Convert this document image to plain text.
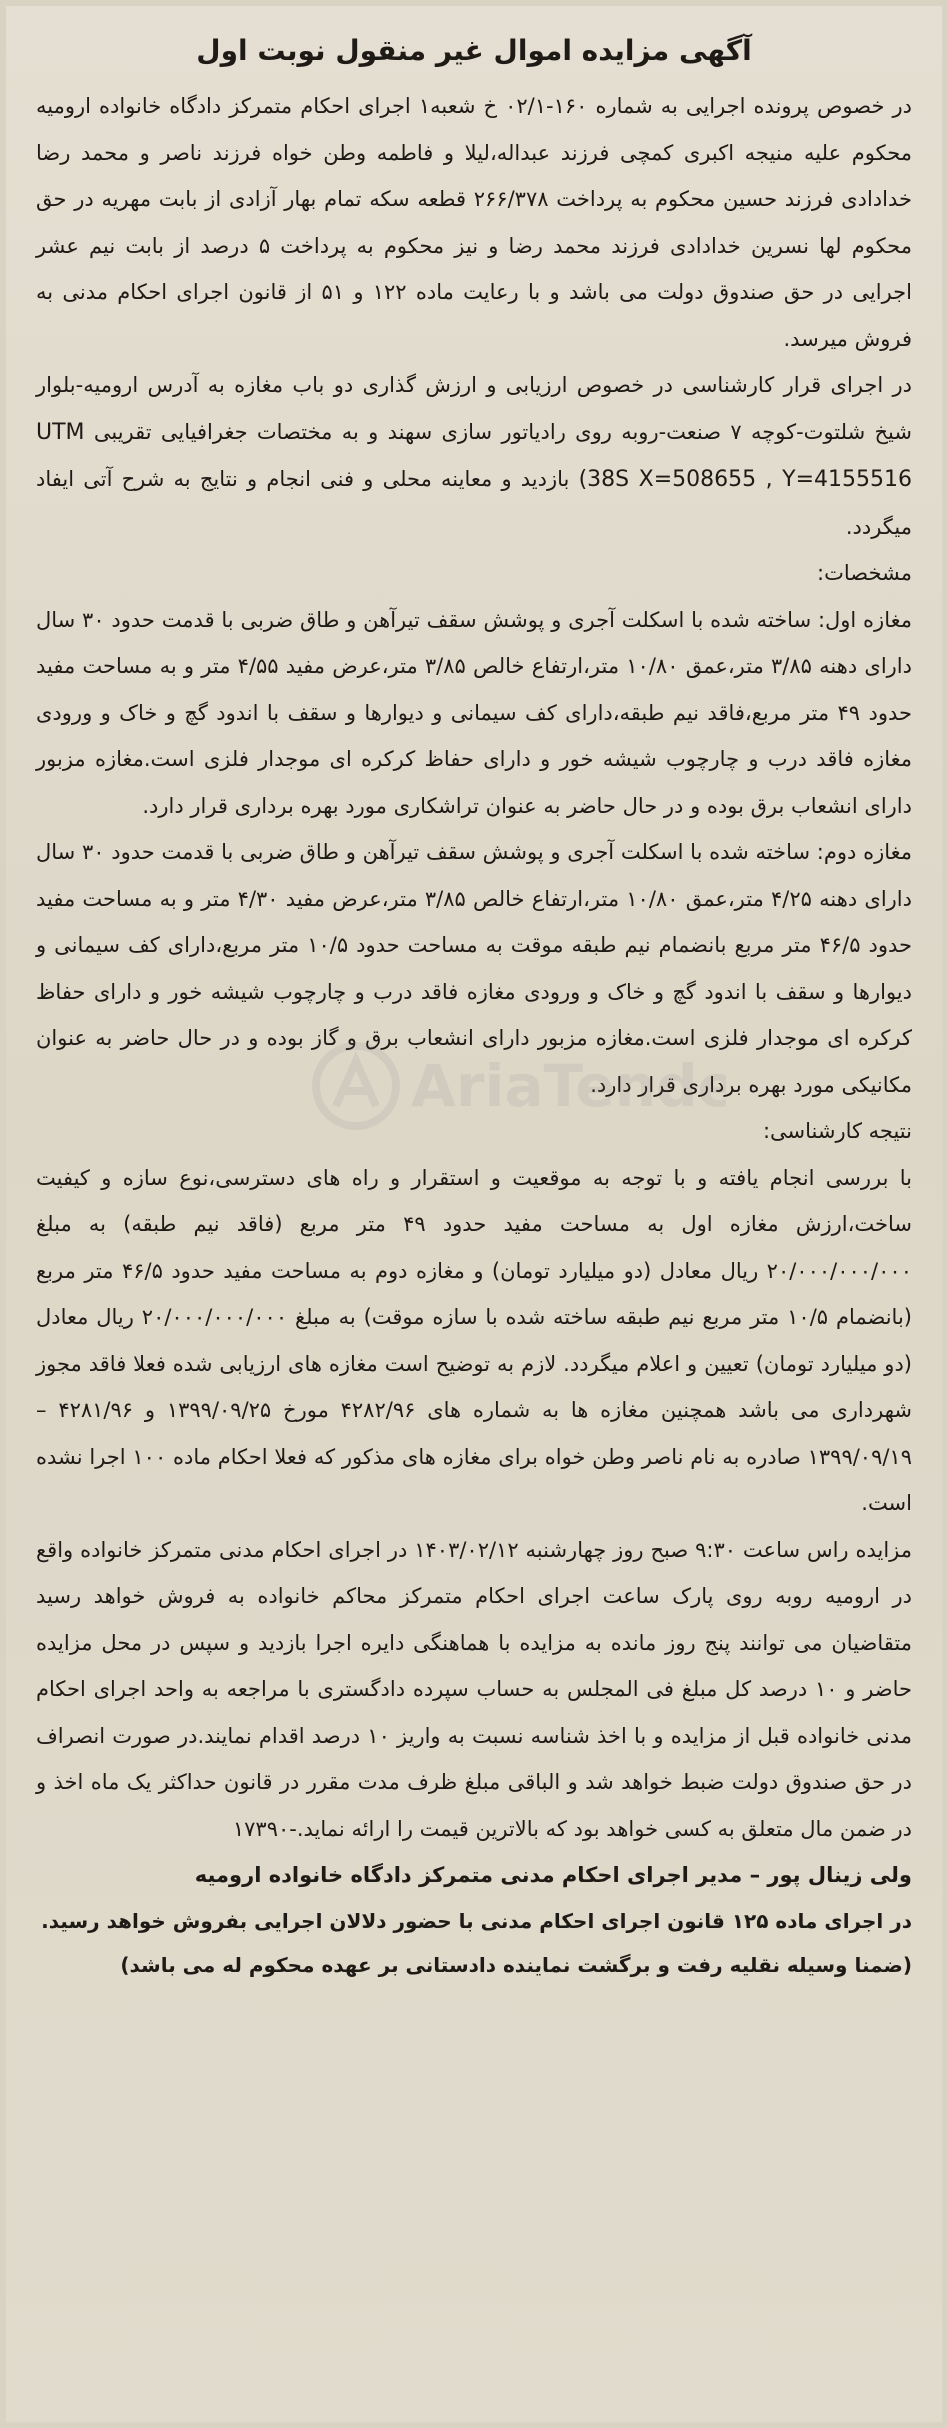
AriaTende
آگهی مزایده اموال غیر منقول نوبت اول

در خصوص پرونده اجرایی به شماره ۱۶۰-۰۲/۱ خ شعبه۱ اجرای احکام متمرکز دادگاه خانواده ارومیه محکوم علیه منیجه اکبری کمچی فرزند عبداله،لیلا و فاطمه وطن خواه فرزند ناصر و محمد رضا خدادادی فرزند حسین محکوم به پرداخت ۲۶۶/۳۷۸ قطعه سکه تمام بهار آزادی از بابت مهریه در حق محکوم لها نسرین خدادادی فرزند محمد رضا و نیز محکوم به پرداخت ۵ درصد از بابت نیم عشر اجرایی در حق صندوق دولت می باشد و با رعایت ماده ۱۲۲ و ۵۱ از قانون اجرای احکام مدنی به فروش میرسد.

در اجرای قرار کارشناسی در خصوص ارزیابی و ارزش گذاری دو باب مغازه به آدرس ارومیه-بلوار شیخ شلتوت-کوچه ۷ صنعت-روبه روی رادیاتور سازی سهند و به مختصات جغرافیایی تقریبی UTM (38S X=508655 , Y=4155516 بازدید و معاینه محلی و فنی انجام و نتایج به شرح آتی ایفاد میگردد.

مشخصات:

مغازه اول: ساخته شده با اسکلت آجری و پوشش سقف تیرآهن و طاق ضربی با قدمت حدود ۳۰ سال دارای دهنه ۳/۸۵ متر،عمق ۱۰/۸۰ متر،ارتفاع خالص ۳/۸۵ متر،عرض مفید ۴/۵۵ متر و به مساحت مفید حدود ۴۹ متر مربع،فاقد نیم طبقه،دارای کف سیمانی و دیوارها و سقف با اندود گچ و خاک و ورودی مغازه فاقد درب و چارچوب شیشه خور و دارای حفاظ کرکره ای موجدار فلزی است.مغازه مزبور دارای انشعاب برق بوده و در حال حاضر به عنوان تراشکاری مورد بهره برداری قرار دارد.

مغازه دوم: ساخته شده با اسکلت آجری و پوشش سقف تیرآهن و طاق ضربی با قدمت حدود ۳۰ سال دارای دهنه ۴/۲۵ متر،عمق ۱۰/۸۰ متر،ارتفاع خالص ۳/۸۵ متر،عرض مفید ۴/۳۰ متر و به مساحت مفید حدود ۴۶/۵ متر مربع بانضمام نیم طبقه موقت به مساحت حدود ۱۰/۵ متر مربع،دارای کف سیمانی و دیوارها و سقف با اندود گچ و خاک و ورودی مغازه فاقد درب و چارچوب شیشه خور و دارای حفاظ کرکره ای موجدار فلزی است.مغازه مزبور دارای انشعاب برق و گاز بوده و در حال حاضر به عنوان مکانیکی مورد بهره برداری قرار دارد.

نتیجه کارشناسی:

با بررسی انجام یافته و با توجه به موقعیت و استقرار و راه های دسترسی،نوع سازه و کیفیت ساخت،ارزش مغازه اول به مساحت مفید حدود ۴۹ متر مربع (فاقد نیم طبقه) به مبلغ ۲۰/۰۰۰/۰۰۰/۰۰۰ ریال معادل (دو میلیارد تومان) و مغازه دوم به مساحت مفید حدود ۴۶/۵ متر مربع (بانضمام ۱۰/۵ متر مربع نیم طبقه ساخته شده با سازه موقت) به مبلغ ۲۰/۰۰۰/۰۰۰/۰۰۰ ریال معادل (دو میلیارد تومان) تعیین و اعلام میگردد. لازم به توضیح است مغازه های ارزیابی شده فعلا فاقد مجوز شهرداری می باشد همچنین مغازه ها به شماره های ۴۲۸۲/۹۶ مورخ ۱۳۹۹/۰۹/۲۵ و ۴۲۸۱/۹۶ – ۱۳۹۹/۰۹/۱۹ صادره به نام ناصر وطن خواه برای مغازه های مذکور که فعلا احکام ماده ۱۰۰ اجرا نشده است.

مزایده راس ساعت ۹:۳۰ صبح روز چهارشنبه ۱۴۰۳/۰۲/۱۲ در اجرای احکام مدنی متمرکز خانواده واقع در ارومیه روبه روی پارک ساعت اجرای احکام متمرکز محاکم خانواده به فروش خواهد رسید متقاضیان می توانند پنج روز مانده به مزایده با هماهنگی دایره اجرا بازدید و سپس در محل مزایده حاضر و ۱۰ درصد کل مبلغ فی المجلس به حساب سپرده دادگستری با مراجعه به واحد اجرای احکام مدنی خانواده قبل از مزایده و با اخذ شناسه نسبت به واریز ۱۰ درصد اقدام نمایند.در صورت انصراف در حق صندوق دولت ضبط خواهد شد و الباقی مبلغ ظرف مدت مقرر در قانون حداکثر یک ماه اخذ و در ضمن مال متعلق به کسی خواهد بود که بالاترین قیمت را ارائه نماید.-۱۷۳۹۰

ولی زینال پور – مدیر اجرای احکام مدنی متمرکز دادگاه خانواده ارومیه
در اجرای ماده ۱۲۵ قانون اجرای احکام مدنی با حضور دلالان اجرایی بفروش خواهد رسید.
(ضمنا وسیله نقلیه رفت و برگشت نماینده دادستانی بر عهده محکوم له می باشد)
